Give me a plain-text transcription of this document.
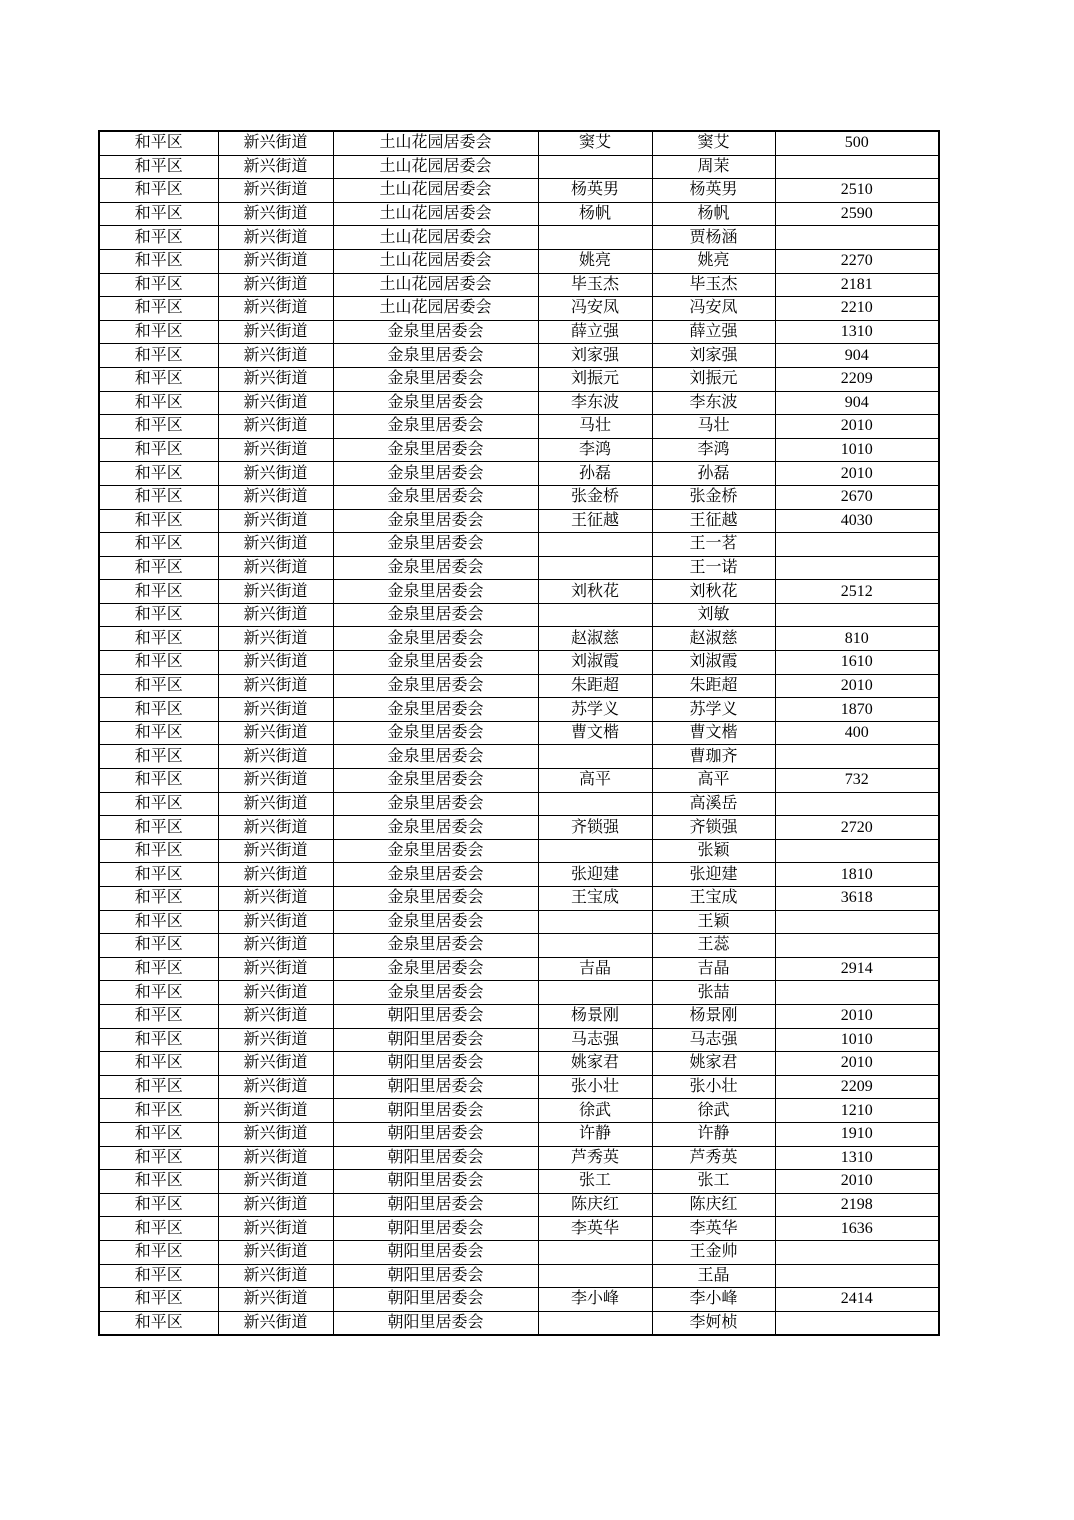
和平区	新兴街道	土山花园居委会	窦艾	窦艾	500
和平区	新兴街道	土山花园居委会		周茉	
和平区	新兴街道	土山花园居委会	杨英男	杨英男	2510
和平区	新兴街道	土山花园居委会	杨帆	杨帆	2590
和平区	新兴街道	土山花园居委会		贾杨涵	
和平区	新兴街道	土山花园居委会	姚亮	姚亮	2270
和平区	新兴街道	土山花园居委会	毕玉杰	毕玉杰	2181
和平区	新兴街道	土山花园居委会	冯安凤	冯安凤	2210
和平区	新兴街道	金泉里居委会	薛立强	薛立强	1310
和平区	新兴街道	金泉里居委会	刘家强	刘家强	904
和平区	新兴街道	金泉里居委会	刘振元	刘振元	2209
和平区	新兴街道	金泉里居委会	李东波	李东波	904
和平区	新兴街道	金泉里居委会	马壮	马壮	2010
和平区	新兴街道	金泉里居委会	李鸿	李鸿	1010
和平区	新兴街道	金泉里居委会	孙磊	孙磊	2010
和平区	新兴街道	金泉里居委会	张金桥	张金桥	2670
和平区	新兴街道	金泉里居委会	王征越	王征越	4030
和平区	新兴街道	金泉里居委会		王一茗	
和平区	新兴街道	金泉里居委会		王一诺	
和平区	新兴街道	金泉里居委会	刘秋花	刘秋花	2512
和平区	新兴街道	金泉里居委会		刘敏	
和平区	新兴街道	金泉里居委会	赵淑慈	赵淑慈	810
和平区	新兴街道	金泉里居委会	刘淑霞	刘淑霞	1610
和平区	新兴街道	金泉里居委会	朱距超	朱距超	2010
和平区	新兴街道	金泉里居委会	苏学义	苏学义	1870
和平区	新兴街道	金泉里居委会	曹文楷	曹文楷	400
和平区	新兴街道	金泉里居委会		曹珈齐	
和平区	新兴街道	金泉里居委会	高平	高平	732
和平区	新兴街道	金泉里居委会		高溪岳	
和平区	新兴街道	金泉里居委会	齐锁强	齐锁强	2720
和平区	新兴街道	金泉里居委会		张颖	
和平区	新兴街道	金泉里居委会	张迎建	张迎建	1810
和平区	新兴街道	金泉里居委会	王宝成	王宝成	3618
和平区	新兴街道	金泉里居委会		王颖	
和平区	新兴街道	金泉里居委会		王蕊	
和平区	新兴街道	金泉里居委会	吉晶	吉晶	2914
和平区	新兴街道	金泉里居委会		张喆	
和平区	新兴街道	朝阳里居委会	杨景刚	杨景刚	2010
和平区	新兴街道	朝阳里居委会	马志强	马志强	1010
和平区	新兴街道	朝阳里居委会	姚家君	姚家君	2010
和平区	新兴街道	朝阳里居委会	张小壮	张小壮	2209
和平区	新兴街道	朝阳里居委会	徐武	徐武	1210
和平区	新兴街道	朝阳里居委会	许静	许静	1910
和平区	新兴街道	朝阳里居委会	芦秀英	芦秀英	1310
和平区	新兴街道	朝阳里居委会	张工	张工	2010
和平区	新兴街道	朝阳里居委会	陈庆红	陈庆红	2198
和平区	新兴街道	朝阳里居委会	李英华	李英华	1636
和平区	新兴街道	朝阳里居委会		王金帅	
和平区	新兴街道	朝阳里居委会		王晶	
和平区	新兴街道	朝阳里居委会	李小峰	李小峰	2414
和平区	新兴街道	朝阳里居委会		李妸桢	
